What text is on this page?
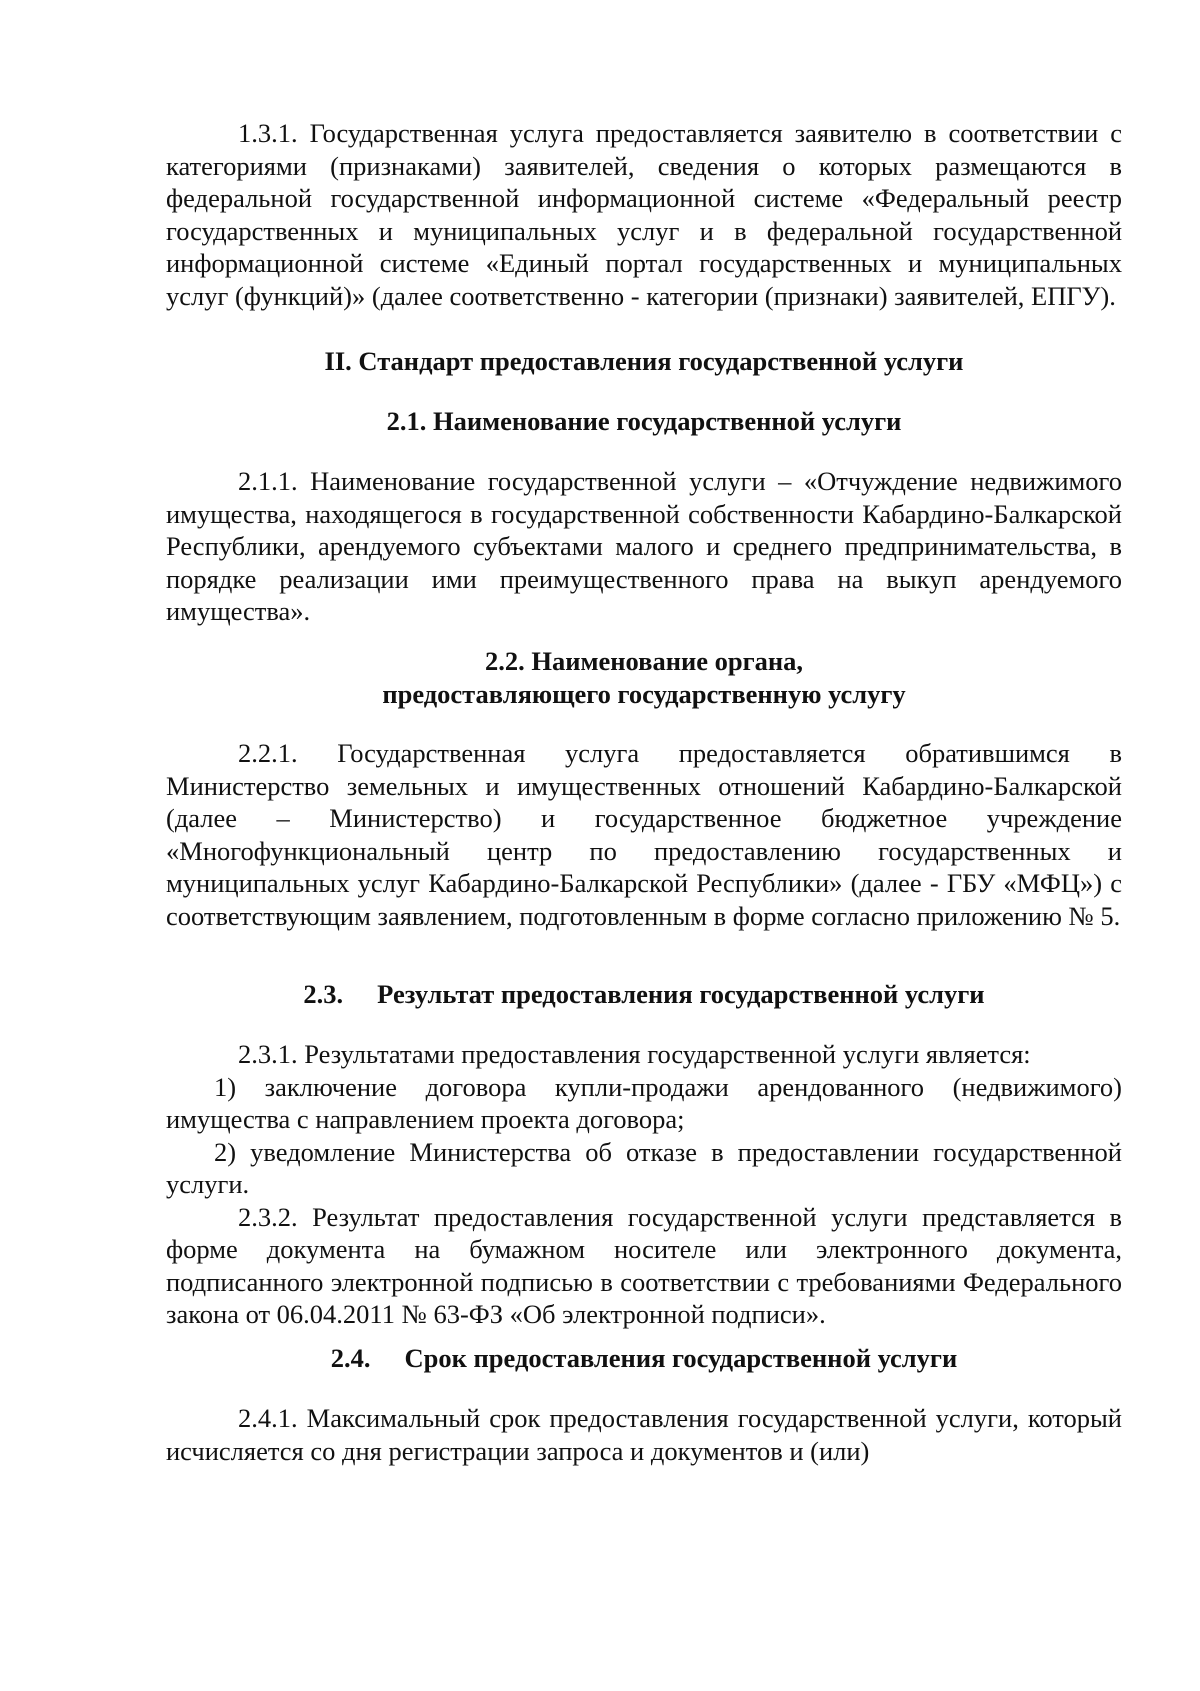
1.3.1. Государственная услуга предоставляется заявителю в соответствии с категориями (признаками) заявителей, сведения о которых размещаются в федеральной государственной информационной системе «Федеральный реестр государственных и муниципальных услуг и в федеральной государственной информационной системе «Единый портал государственных и муниципальных услуг (функций)» (далее соответственно - категории (признаки) заявителей, ЕПГУ).
II. Стандарт предоставления государственной услуги
2.1. Наименование государственной услуги
2.1.1. Наименование государственной услуги – «Отчуждение недвижимого имущества, находящегося в государственной собственности Кабардино-Балкарской Республики, арендуемого субъектами малого и среднего предпринимательства, в порядке реализации ими преимущественного права на выкуп арендуемого имущества».
2.2. Наименование органа,
предоставляющего государственную услугу
2.2.1. Государственная услуга предоставляется обратившимся в Министерство земельных и имущественных отношений Кабардино-Балкарской (далее – Министерство) и государственное бюджетное учреждение «Многофункциональный центр по предоставлению государственных и муниципальных услуг Кабардино-Балкарской Республики» (далее - ГБУ «МФЦ») с соответствующим заявлением, подготовленным в форме согласно приложению № 5.
2.3. Результат предоставления государственной услуги

2.3.1. Результатами предоставления государственной услуги является:

1) заключение договора купли-продажи арендованного (недвижимого) имущества с направлением проекта договора;

2) уведомление Министерства об отказе в предоставлении государственной услуги.

2.3.2. Результат предоставления государственной услуги представляется в форме документа на бумажном носителе или электронного документа, подписанного электронной подписью в соответствии с требованиями Федерального закона от 06.04.2011 № 63-ФЗ «Об электронной подписи».

2.4. Срок предоставления государственной услуги
2.4.1. Максимальный срок предоставления государственной услуги, который исчисляется со дня регистрации запроса и документов и (или)
